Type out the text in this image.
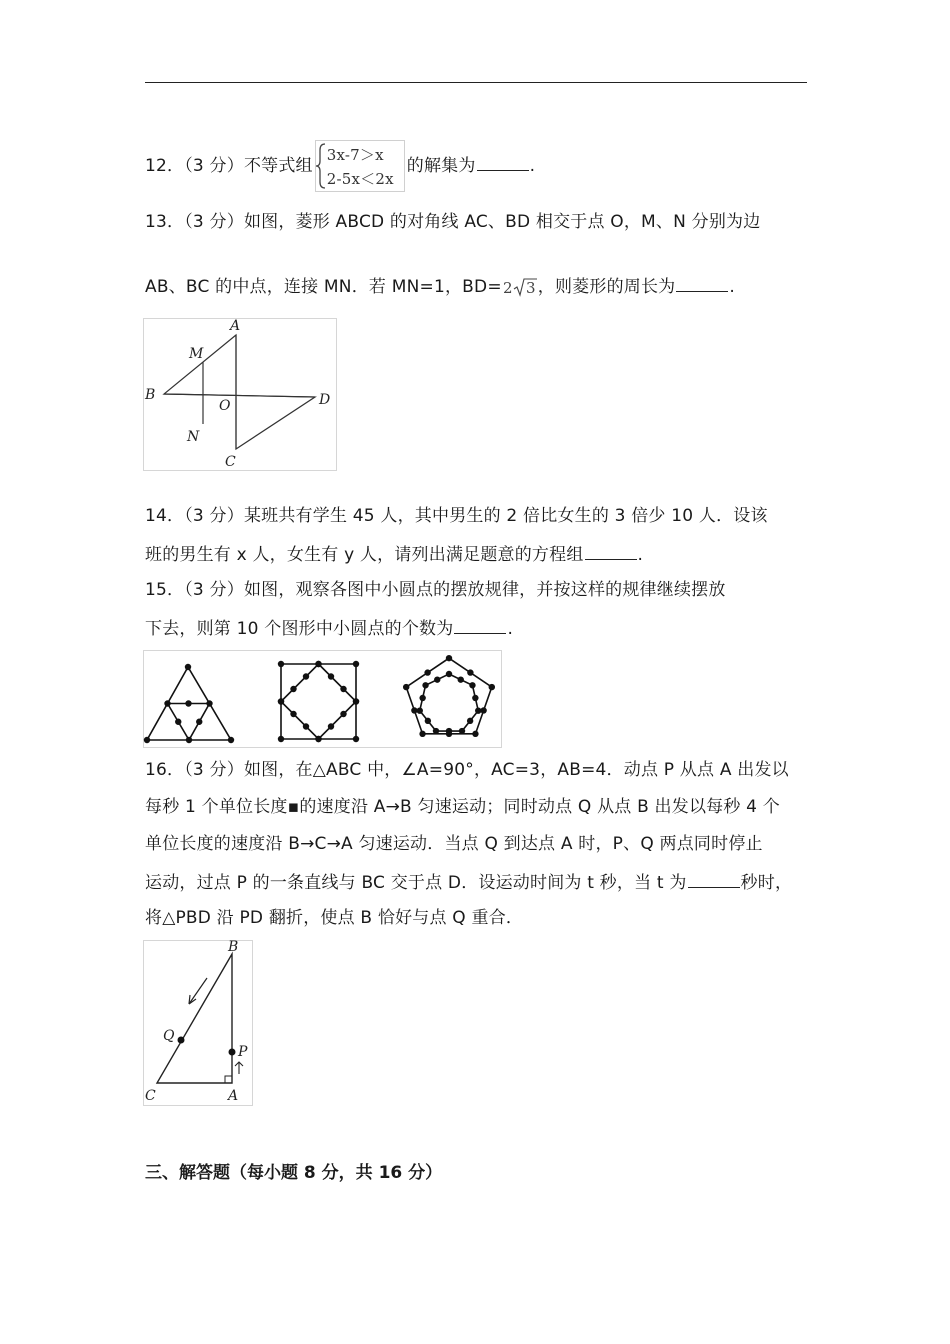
12．（3 分）不等式组
3x-7＞x
2-5x＜2x
的解集为	.
13．（3 分）如图，菱形 ABCD 的对角线 AC、BD 相交于点 O，M、N 分别为边
AB、BC 的中点，连接 MN．若 MN=1，BD= 2 3 ，则菱形的周长为	.
A
B
C
D
O
M
N
14．（3 分）某班共有学生 45 人，其中男生的 2 倍比女生的 3 倍少 10 人．设该
班的男生有 x 人，女生有 y 人，请列出满足题意的方程组	.
15．（3 分）如图，观察各图中小圆点的摆放规律，并按这样的规律继续摆放
下去，则第 10 个图形中小圆点的个数为	.
16．（3 分）如图，在△ABC 中，∠A=90°，AC=3，AB=4．动点 P 从点 A 出发以
每秒 1 个单位长度▪的速度沿 A→B 匀速运动；同时动点 Q 从点 B 出发以每秒 4 个
单位长度的速度沿 B→C→A 匀速运动．当点 Q 到达点 A 时，P、Q 两点同时停止
运动，过点 P 的一条直线与 BC 交于点 D．设运动时间为 t 秒，当 t 为	秒时，
将△PBD 沿 PD 翻折，使点 B 恰好与点 Q 重合．
B
C	A
P
Q
三、解答题（每小题 8 分，共 16 分）
